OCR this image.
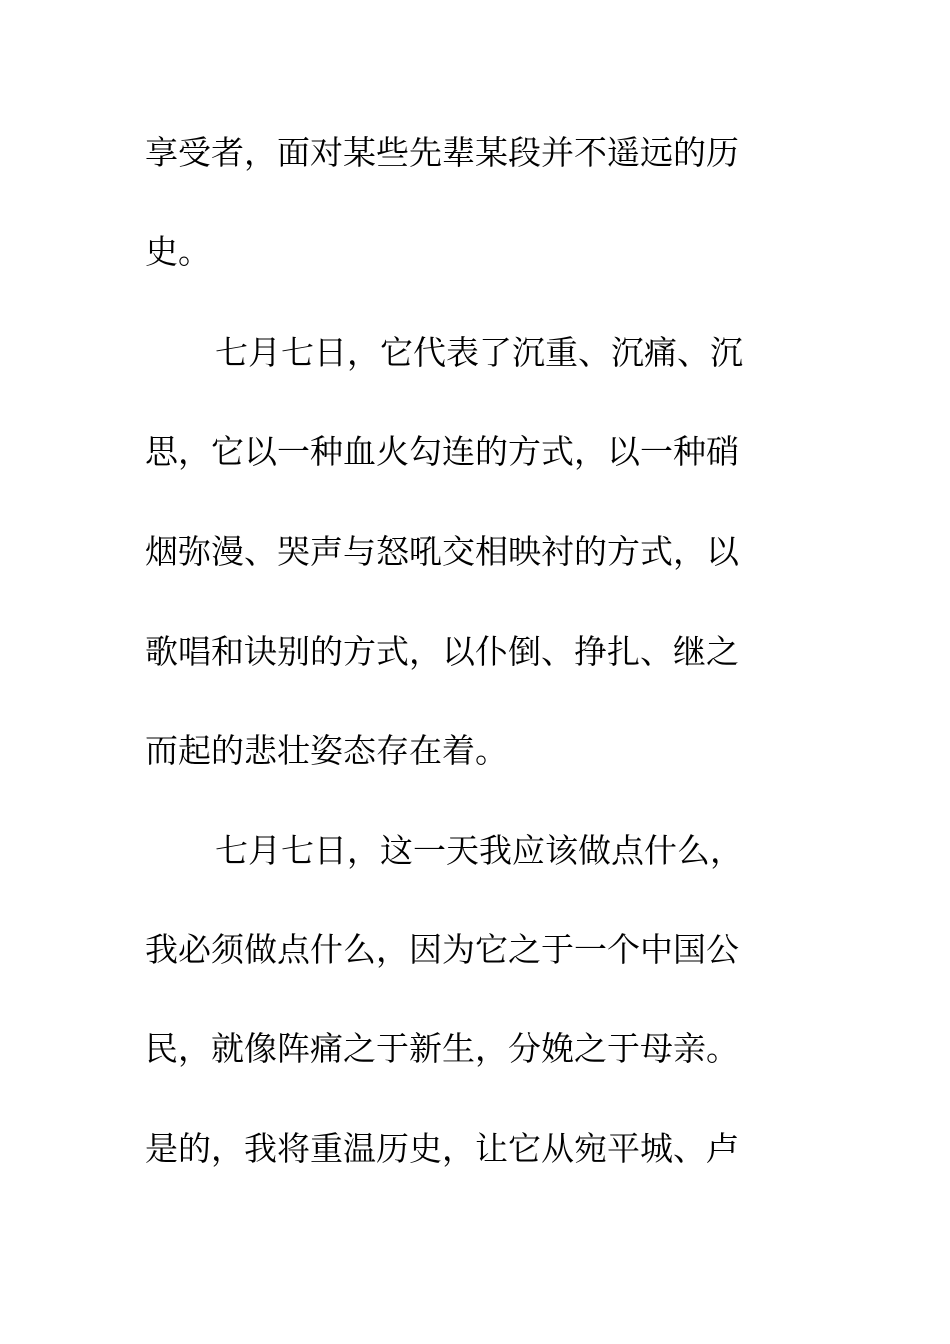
享受者，面对某些先辈某段并不遥远的历
史。
七月七日，它代表了沉重、沉痛、沉
思，它以一种血火勾连的方式，以一种硝
烟弥漫、哭声与怒吼交相映衬的方式，以
歌唱和诀别的方式，以仆倒、挣扎、继之
而起的悲壮姿态存在着。
七月七日，这一天我应该做点什么，
我必须做点什么，因为它之于一个中国公
民，就像阵痛之于新生，分娩之于母亲。
是的，我将重温历史，让它从宛平城、卢
